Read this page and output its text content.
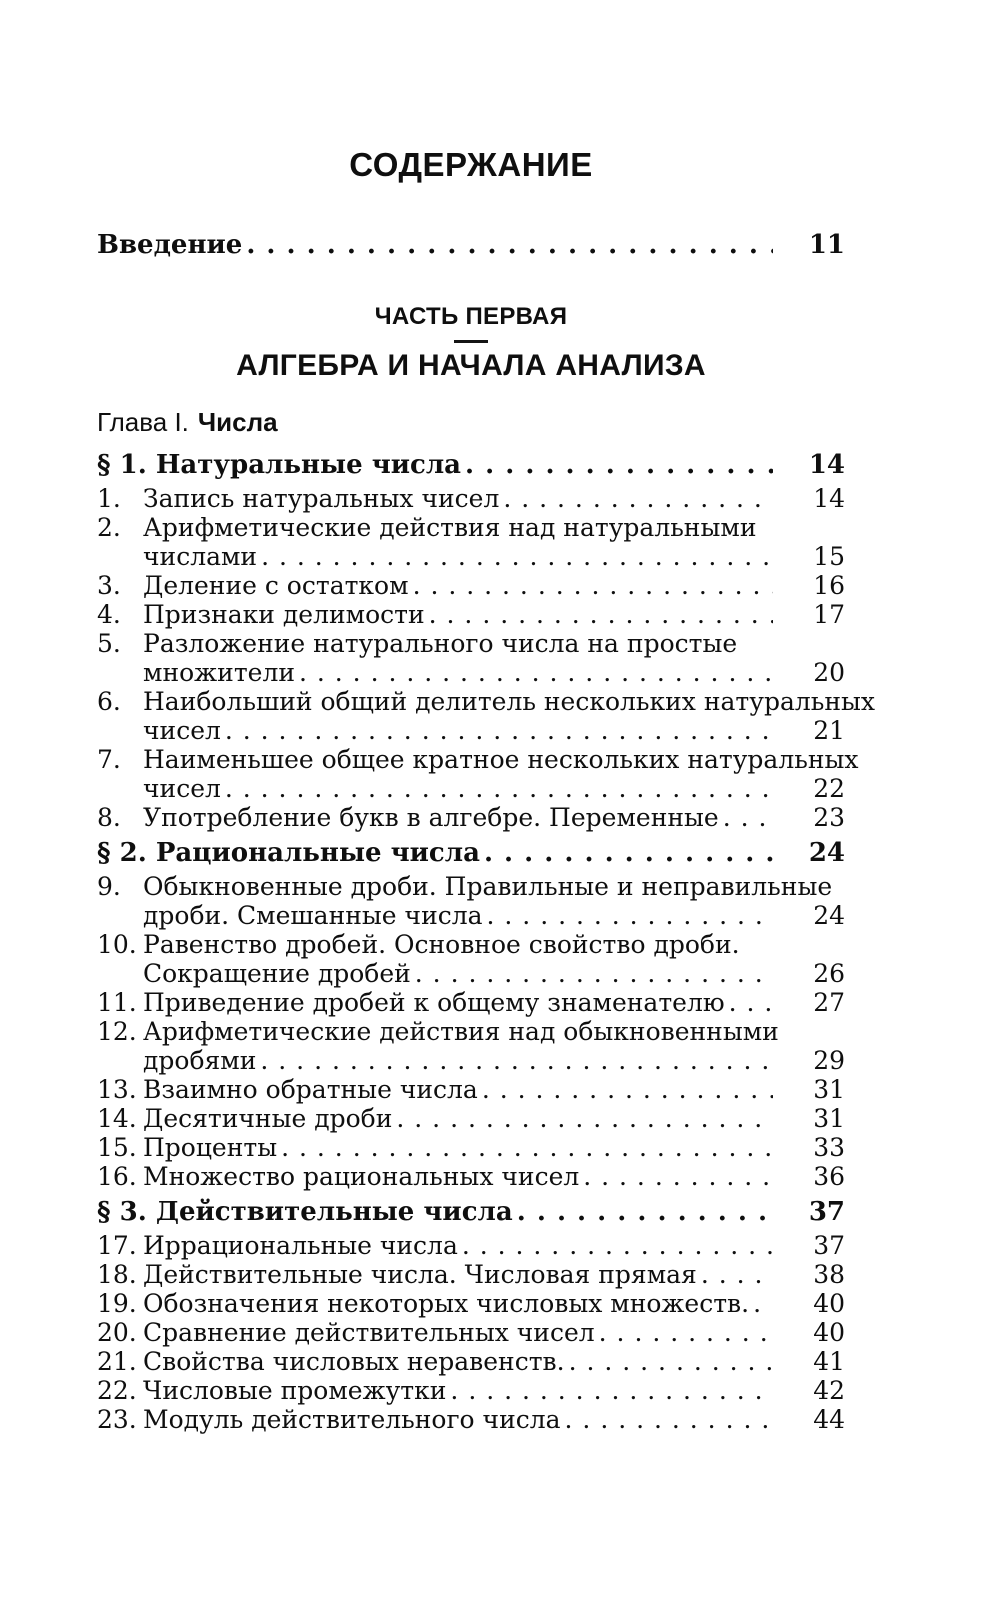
СОДЕРЖАНИЕ
Введение . . .	11
ЧАСТЬ ПЕРВАЯ
АЛГЕБРА И НАЧАЛА АНАЛИЗА
Глава I. Числа
§ 1. Натуральные числа . . .	14
1. Запись натуральных чисел . . .	14
2. Арифметические действия над натуральными
числами . . .	15
3. Деление с остатком . . .	16
4. Признаки делимости . . .	17
5. Разложение натурального числа на простые
множители . . .	20
6. Наибольший общий делитель нескольких натуральных
чисел . . .	21
7. Наименьшее общее кратное нескольких натуральных
чисел . . .	22
8. Употребление букв в алгебре. Переменные . . .	23
§ 2. Рациональные числа . . .	24
9. Обыкновенные дроби. Правильные и неправильные
дроби. Смешанные числа . . .	24
10. Равенство дробей. Основное свойство дроби.
Сокращение дробей . . .	26
11. Приведение дробей к общему знаменателю . . .	27
12. Арифметические действия над обыкновенными
дробями . . .	29
13. Взаимно обратные числа . . .	31
14. Десятичные дроби . . .	31
15. Проценты . . .	33
16. Множество рациональных чисел . . .	36
§ 3. Действительные числа . . .	37
17. Иррациональные числа . . .	37
18. Действительные числа. Числовая прямая . . .	38
19. Обозначения некоторых числовых множеств. . . .	40
20. Сравнение действительных чисел . . .	40
21. Свойства числовых неравенств. . . .	41
22. Числовые промежутки . . .	42
23. Модуль действительного числа . . .	44
